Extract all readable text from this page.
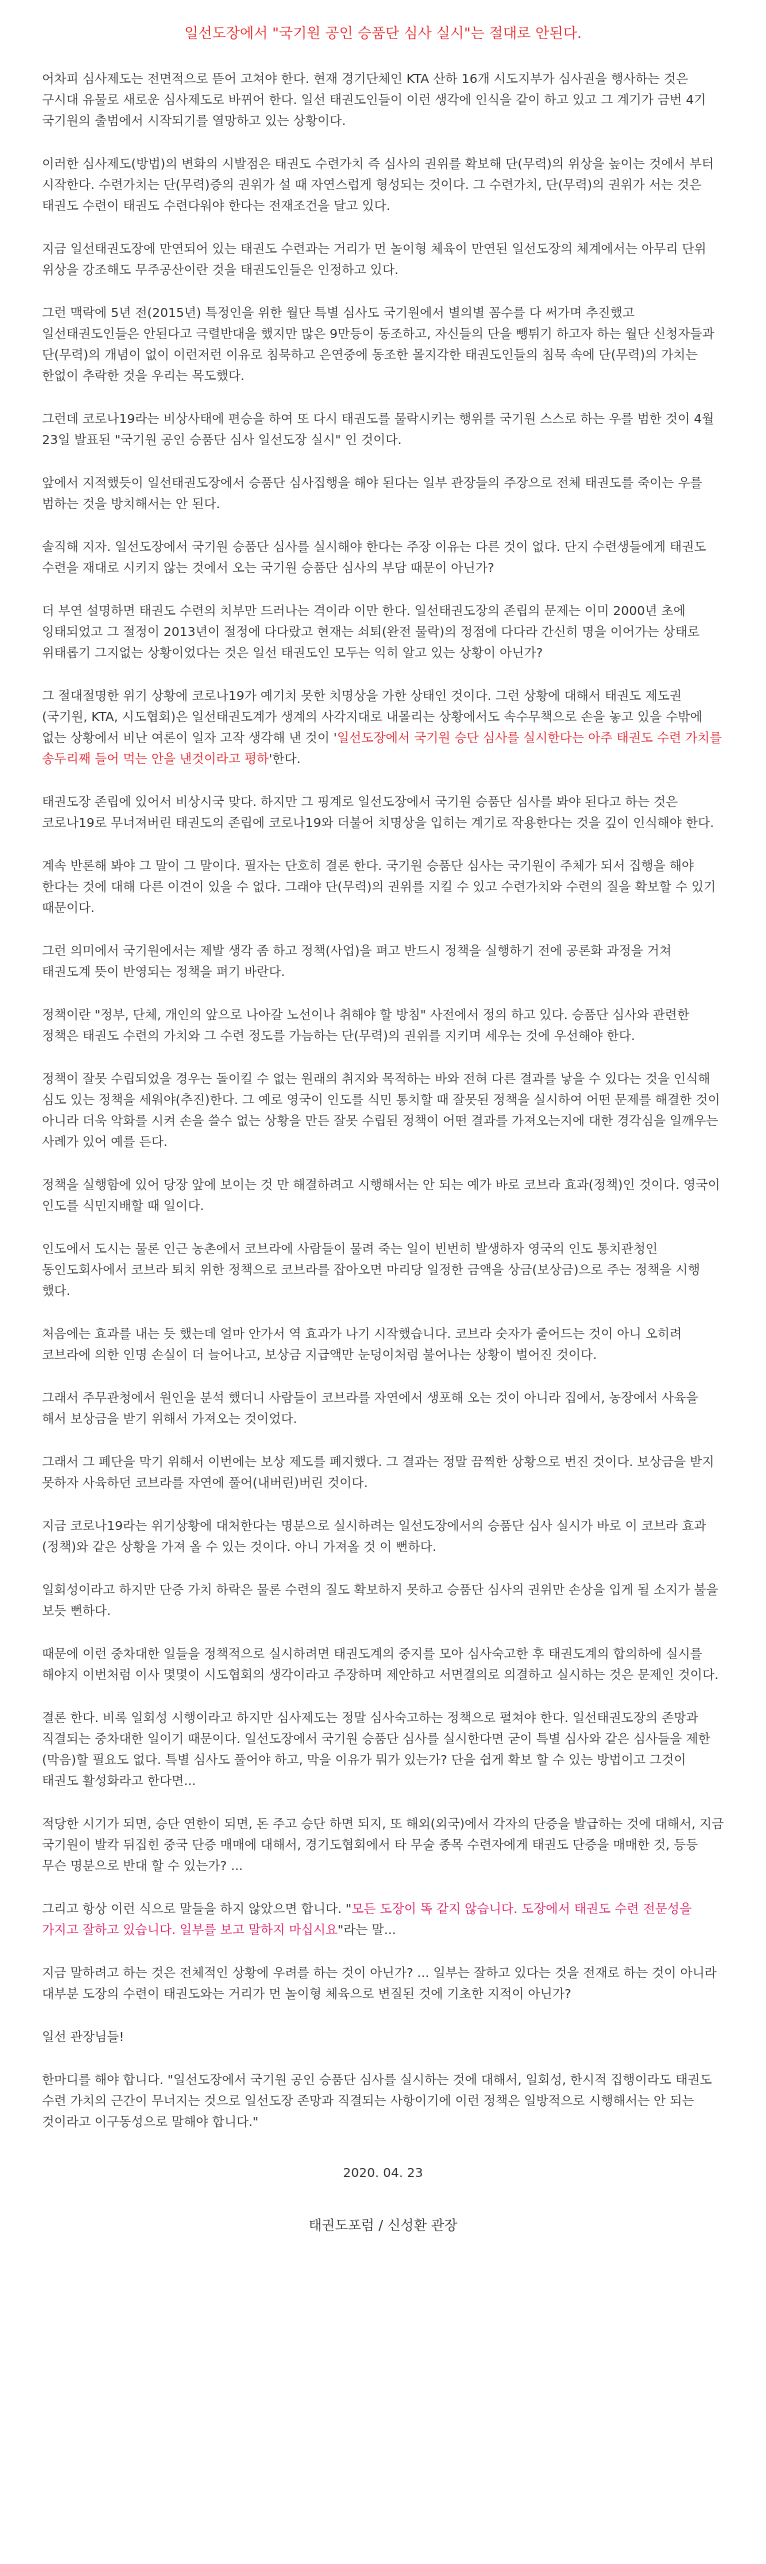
일선도장에서 "국기원 공인 승품단 심사 실시"는 절대로 안된다.

어차피 심사제도는 전면적으로 뜯어 고쳐야 한다. 현재 경기단체인 KTA 산하 16개 시도지부가 심사권을 행사하는 것은 구시대 유물로 새로운 심사제도로 바뀌어 한다. 일선 태권도인들이 이런 생각에 인식을 같이 하고 있고 그 계기가 금번 4기 국기원의 출범에서 시작되기를 열망하고 있는 상황이다.

이러한 심사제도(방법)의 변화의 시발점은 태권도 수련가치 즉 심사의 권위를 확보해 단(무력)의 위상을 높이는 것에서 부터 시작한다. 수련가치는 단(무력)증의 권위가 설 때 자연스럽게 형성되는 것이다. 그 수련가치, 단(무력)의 권위가 서는 것은 태권도 수련이 태권도 수련다워야 한다는 전재조건을 달고 있다.

지금 일선태권도장에 만연되어 있는 태권도 수련과는 거리가 먼 놀이형 체육이 만연된 일선도장의 체계에서는 아무리 단위 위상을 강조해도 무주공산이란 것을 태권도인들은 인정하고 있다.

그런 맥락에 5년 전(2015년) 특정인을 위한 월단 특별 심사도 국기원에서 별의별 꼼수를 다 써가며 추진했고 일선태권도인들은 안된다고 극렬반대을 했지만 많은 9만등이 동조하고, 자신들의 단을 뺑튀기 하고자 하는 월단 신청자들과 단(무력)의 개념이 없이 이런저런 이유로 침묵하고 은연중에 동조한 몰지각한 태권도인들의 침묵 속에 단(무력)의 가치는 한없이 추락한 것을 우리는 목도했다.

그런데 코로나19라는 비상사태에 편승을 하여 또 다시 태권도를 물락시키는 행위를 국기원 스스로 하는 우를 범한 것이 4월 23일 발표된 "국기원 공인 승품단 심사 일선도장 실시" 인 것이다.

앞에서 지적했듯이 일선태권도장에서 승품단 심사집행을 해야 된다는 일부 관장들의 주장으로 전체 태권도를 죽이는 우를 범하는 것을 방치해서는 안 된다.

솔직해 지자. 일선도장에서 국기원 승품단 심사를 실시해야 한다는 주장 이유는 다른 것이 없다. 단지 수련생들에게 태권도 수련을 재대로 시키지 않는 것에서 오는 국기원 승품단 심사의 부담 때문이 아닌가?

더 부연 설명하면 태권도 수련의 치부만 드러나는 격이라 이만 한다. 일선태권도장의 존립의 문제는 이미 2000년 초에 잉태되었고 그 절정이 2013년이 절정에 다다랐고 현재는 쇠퇴(완전 물락)의 정점에 다다라 간신히 명을 이어가는 상태로 위태롭기 그지없는 상황이었다는 것은 일선 태권도인 모두는 익히 알고 있는 상황이 아닌가?

그 절대절명한 위기 상황에 코로나19가 예기치 못한 치명상을 가한 상태인 것이다. 그런 상황에 대해서 태권도 제도권(국기원, KTA, 시도협회)은 일선태권도계가 생계의 사각지대로 내몰리는 상황에서도 속수무책으로 손을 놓고 있을 수밖에 없는 상황에서 비난 여론이 일자 고작 생각해 낸 것이 '일선도장에서 국기원 승단 심사를 실시한다는 아주 태권도 수련 가치를 송두리째 들어 먹는 안을 낸것이라고 평하'한다.

태권도장 존립에 있어서 비상시국 맞다. 하지만 그 핑계로 일선도장에서 국기원 승품단 심사를 봐야 된다고 하는 것은 코로나19로 무너져버린 태권도의 존립에 코로나19와 더불어 치명상을 입히는 계기로 작용한다는 것을 깊이 인식해야 한다.

계속 반론해 봐야 그 말이 그 말이다. 필자는 단호히 결론 한다. 국기원 승품단 심사는 국기원이 주체가 되서 집행을 해야 한다는 것에 대해 다른 이견이 있을 수 없다. 그래야 단(무력)의 권위를 지킬 수 있고 수련가치와 수련의 질을 확보할 수 있기 때문이다.

그런 의미에서 국기원에서는 제발 생각 좀 하고 정책(사업)을 펴고 반드시 정책을 실행하기 전에 공론화 과정을 거쳐 태권도계 뜻이 반영되는 정책을 펴기 바란다.

정책이란 "정부, 단체, 개인의 앞으로 나아갈 노선이나 취해야 할 방침" 사전에서 정의 하고 있다. 승품단 심사와 관련한 정책은 태권도 수련의 가치와 그 수련 정도를 가늠하는 단(무력)의 권위를 지키며 세우는 것에 우선해야 한다.

정책이 잘못 수립되었을 경우는 돌이킬 수 없는 원래의 취지와 목적하는 바와 전혀 다른 결과를 낳을 수 있다는 것을 인식해 심도 있는 정책을 세워야(추진)한다. 그 예로 영국이 인도를 식민 통치할 때 잘못된 정책을 실시하여 어떤 문제를 해결한 것이 아니라 더욱 악화를 시켜 손을 쓸수 없는 상황을 만든 잘못 수립된 정책이 어떤 결과를 가져오는지에 대한 경각심을 일깨우는 사례가 있어 예를 든다.

정책을 실행함에 있어 당장 앞에 보이는 것 만 해결하려고 시행해서는 안 되는 예가 바로 코브라 효과(정책)인 것이다. 영국이 인도를 식민지배할 때 일이다.

인도에서 도시는 물론 인근 농촌에서 코브라에 사람들이 물려 죽는 일이 빈번히 발생하자 영국의 인도 통치관청인 동인도회사에서 코브라 퇴치 위한 정책으로 코브라를 잡아오면 마리당 일정한 금액을 상금(보상금)으로 주는 정책을 시행 했다.

처음에는 효과를 내는 듯 했는데 얼마 안가서 역 효과가 나기 시작했습니다. 코브라 숫자가 줄어드는 것이 아니 오히려 코브라에 의한 인명 손실이 더 늘어나고, 보상금 지급액만 눈덩이처럼 불어나는 상황이 벌어진 것이다.

그래서 주무관청에서 원인을 분석 했더니 사람들이 코브라를 자연에서 생포해 오는 것이 아니라 집에서, 농장에서 사육을 해서 보상금을 받기 위해서 가져오는 것이었다.

그래서 그 폐단을 막기 위해서 이번에는 보상 제도를 폐지했다. 그 결과는 정말 끔찍한 상황으로 번진 것이다. 보상금을 받지 못하자 사육하던 코브라를 자연에 풀어(내버린)버린 것이다.

지금 코로나19라는 위기상황에 대처한다는 명분으로 실시하려는 일선도장에서의 승품단 심사 실시가 바로 이 코브라 효과(정책)와 같은 상황을 가져 올 수 있는 것이다. 아니 가져올 것 이 뻔하다.

일회성이라고 하지만 단증 가치 하락은 물론 수련의 질도 확보하지 못하고 승품단 심사의 권위만 손상을 입게 될 소지가 불을 보듯 뻔하다.

때문에 이런 중차대한 일들을 정책적으로 실시하려면 태권도계의 중지를 모아 심사숙고한 후 태권도계의 합의하에 실시를 해야지 이번처럼 이사 몇몇이 시도협회의 생각이라고 주장하며 제안하고 서면결의로 의결하고 실시하는 것은 문제인 것이다.

결론 한다. 비록 일회성 시행이라고 하지만 심사제도는 정말 심사숙고하는 정책으로 펼쳐야 한다. 일선태권도장의 존망과 직결되는 중차대한 일이기 때문이다. 일선도장에서 국기원 승품단 심사를 실시한다면 굳이 특별 심사와 같은 심사들을 제한(막음)할 필요도 없다. 특별 심사도 풀어야 하고, 막을 이유가 뭐가 있는가? 단을 쉽게 확보 할 수 있는 방법이고 그것이 태권도 활성화라고 한다면...

적당한 시기가 되면, 승단 연한이 되면, 돈 주고 승단 하면 되지, 또 해외(외국)에서 각자의 단증을 발급하는 것에 대해서, 지금 국기원이 발칵 뒤집힌 중국 단증 매매에 대해서, 경기도협회에서 타 무술 종목 수련자에게 태권도 단증을 매매한 것, 등등 무슨 명분으로 반대 할 수 있는가? ...

그리고 항상 이런 식으로 말들을 하지 않았으면 합니다. "모든 도장이 똑 같지 않습니다. 도장에서 태권도 수련 전문성을 가지고 잘하고 있습니다. 일부를 보고 말하지 마십시요"라는 말...

지금 말하려고 하는 것은 전체적인 상황에 우려를 하는 것이 아닌가? ... 일부는 잘하고 있다는 것을 전재로 하는 것이 아니라 대부분 도장의 수련이 태권도와는 거리가 먼 놀이형 체육으로 변질된 것에 기초한 지적이 아닌가?

일선 관장님들!

한마디를 해야 합니다. "일선도장에서 국기원 공인 승품단 심사를 실시하는 것에 대해서, 일회성, 한시적 집행이라도 태권도 수련 가치의 근간이 무너지는 것으로 일선도장 존망과 직결되는 사항이기에 이런 정책은 일방적으로 시행해서는 안 되는 것이라고 이구동성으로 말해야 합니다."

2020. 04. 23
태권도포럼 / 신성환 관장
